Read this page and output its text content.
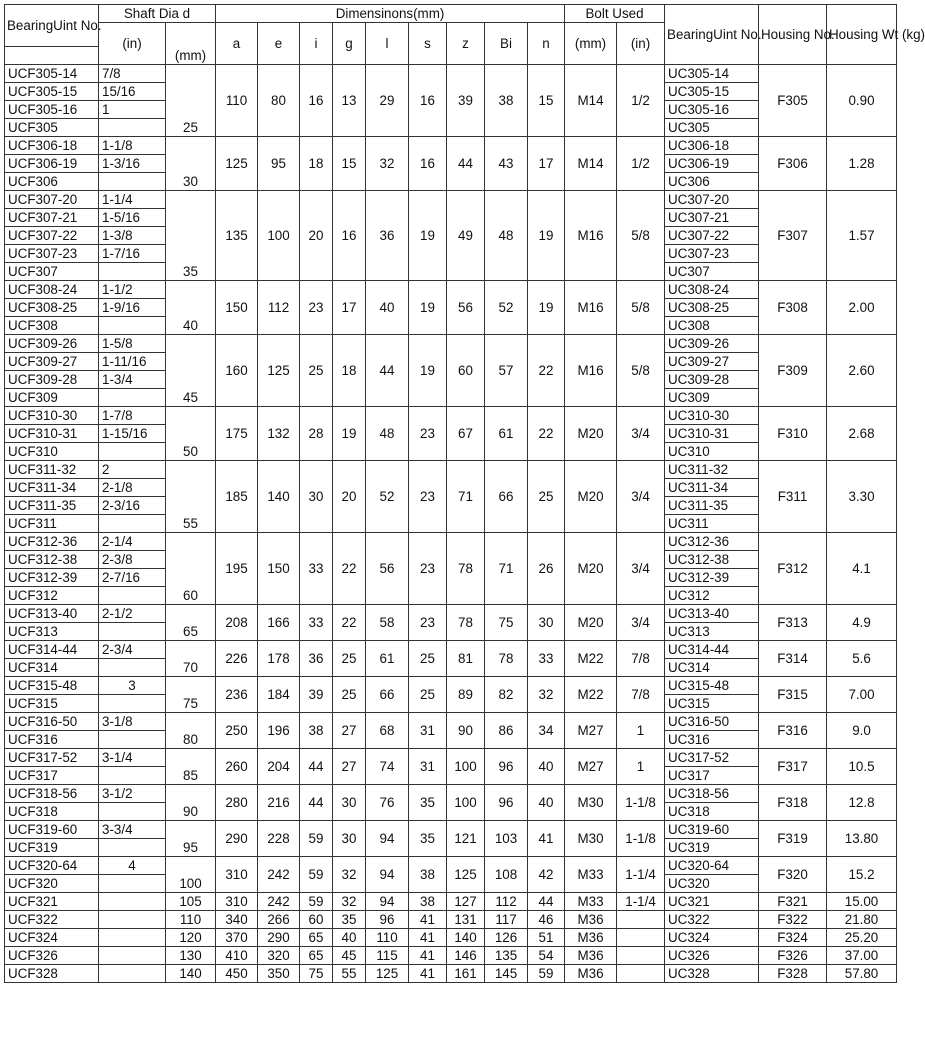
BearingUint No.	Shaft Dia d		Dimensinons(mm)									Bolt Used		BearingUint No.	Housing No.	Housing Wt (kg)
	(in)	(mm)	a	e	i	g	l	s	z	Bi	n	(mm)	(in)			

UCF305-14	7/8	25	110	80	16	13	29	16	39	38	15	M14	1/2	UC305-14	F305	0.90
UCF305-15	15/16													UC305-15		
UCF305-16	1													UC305-16		
UCF305														UC305		
UCF306-18	1-1/8	30	125	95	18	15	32	16	44	43	17	M14	1/2	UC306-18	F306	1.28
UCF306-19	1-3/16													UC306-19		
UCF306														UC306		
UCF307-20	1-1/4	35	135	100	20	16	36	19	49	48	19	M16	5/8	UC307-20	F307	1.57
UCF307-21	1-5/16													UC307-21		
UCF307-22	1-3/8													UC307-22		
UCF307-23	1-7/16													UC307-23		
UCF307														UC307		
UCF308-24	1-1/2	40	150	112	23	17	40	19	56	52	19	M16	5/8	UC308-24	F308	2.00
UCF308-25	1-9/16													UC308-25		
UCF308														UC308		
UCF309-26	1-5/8	45	160	125	25	18	44	19	60	57	22	M16	5/8	UC309-26	F309	2.60
UCF309-27	1-11/16													UC309-27		
UCF309-28	1-3/4													UC309-28		
UCF309														UC309		
UCF310-30	1-7/8	50	175	132	28	19	48	23	67	61	22	M20	3/4	UC310-30	F310	2.68
UCF310-31	1-15/16													UC310-31		
UCF310														UC310		
UCF311-32	2	55	185	140	30	20	52	23	71	66	25	M20	3/4	UC311-32	F311	3.30
UCF311-34	2-1/8													UC311-34		
UCF311-35	2-3/16													UC311-35		
UCF311														UC311		
UCF312-36	2-1/4	60	195	150	33	22	56	23	78	71	26	M20	3/4	UC312-36	F312	4.1
UCF312-38	2-3/8													UC312-38		
UCF312-39	2-7/16													UC312-39		
UCF312														UC312		
UCF313-40	2-1/2	65	208	166	33	22	58	23	78	75	30	M20	3/4	UC313-40	F313	4.9
UCF313														UC313		
UCF314-44	2-3/4	70	226	178	36	25	61	25	81	78	33	M22	7/8	UC314-44	F314	5.6
UCF314														UC314		
UCF315-48	3	75	236	184	39	25	66	25	89	82	32	M22	7/8	UC315-48	F315	7.00
UCF315														UC315		
UCF316-50	3-1/8	80	250	196	38	27	68	31	90	86	34	M27	1	UC316-50	F316	9.0
UCF316														UC316		
UCF317-52	3-1/4	85	260	204	44	27	74	31	100	96	40	M27	1	UC317-52	F317	10.5
UCF317														UC317		
UCF318-56	3-1/2	90	280	216	44	30	76	35	100	96	40	M30	1-1/8	UC318-56	F318	12.8
UCF318														UC318		
UCF319-60	3-3/4	95	290	228	59	30	94	35	121	103	41	M30	1-1/8	UC319-60	F319	13.80
UCF319														UC319		
UCF320-64	4	100	310	242	59	32	94	38	125	108	42	M33	1-1/4	UC320-64	F320	15.2
UCF320														UC320		
UCF321		105	310	242	59	32	94	38	127	112	44	M33	1-1/4	UC321	F321	15.00
UCF322		110	340	266	60	35	96	41	131	117	46	M36		UC322	F322	21.80
UCF324		120	370	290	65	40	110	41	140	126	51	M36		UC324	F324	25.20
UCF326		130	410	320	65	45	115	41	146	135	54	M36		UC326	F326	37.00
UCF328		140	450	350	75	55	125	41	161	145	59	M36		UC328	F328	57.80
